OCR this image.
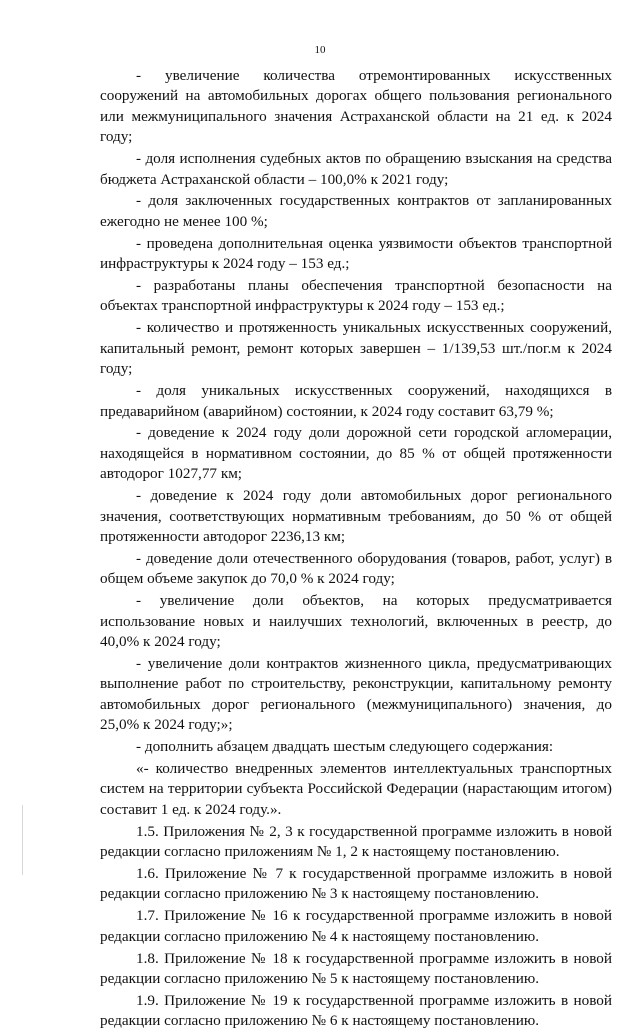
10

- увеличение количества отремонтированных искусственных сооружений на автомобильных дорогах общего пользования регионального или межмуниципального значения Астраханской области на 21 ед. к 2024 году;

- доля исполнения судебных актов по обращению взыскания на средства бюджета Астраханской области – 100,0% к 2021 году;

- доля заключенных государственных контрактов от запланированных ежегодно не менее 100 %;

- проведена дополнительная оценка уязвимости объектов транспортной инфраструктуры к 2024 году – 153 ед.;

- разработаны планы обеспечения транспортной безопасности на объектах транспортной инфраструктуры к 2024 году – 153 ед.;

- количество и протяженность уникальных искусственных сооружений, капитальный ремонт, ремонт которых завершен – 1/139,53 шт./пог.м к 2024 году;

- доля уникальных искусственных сооружений, находящихся в предаварийном (аварийном) состоянии, к 2024 году составит 63,79 %;

- доведение к 2024 году доли дорожной сети городской агломерации, находящейся в нормативном состоянии, до 85 % от общей протяженности автодорог 1027,77 км;

- доведение к 2024 году доли автомобильных дорог регионального значения, соответствующих нормативным требованиям, до 50 % от общей протяженности автодорог 2236,13 км;

- доведение доли отечественного оборудования (товаров, работ, услуг) в общем объеме закупок до 70,0 % к 2024 году;

- увеличение доли объектов, на которых предусматривается использование новых и наилучших технологий, включенных в реестр, до 40,0% к 2024 году;

- увеличение доли контрактов жизненного цикла, предусматривающих выполнение работ по строительству, реконструкции, капитальному ремонту автомобильных дорог регионального (межмуниципального) значения, до 25,0% к 2024 году;»;

- дополнить абзацем двадцать шестым следующего содержания:

«- количество внедренных элементов интеллектуальных транспортных систем на территории субъекта Российской Федерации (нарастающим итогом) составит 1 ед. к 2024 году.».

1.5. Приложения № 2, 3 к государственной программе изложить в новой редакции согласно приложениям № 1, 2 к настоящему постановлению.

1.6. Приложение № 7 к государственной программе изложить в новой редакции согласно приложению № 3 к настоящему постановлению.

1.7. Приложение № 16 к государственной программе изложить в новой редакции согласно приложению № 4 к настоящему постановлению.

1.8. Приложение № 18 к государственной программе изложить в новой редакции согласно приложению № 5 к настоящему постановлению.

1.9. Приложение № 19 к государственной программе изложить в новой редакции согласно приложению № 6 к настоящему постановлению.
